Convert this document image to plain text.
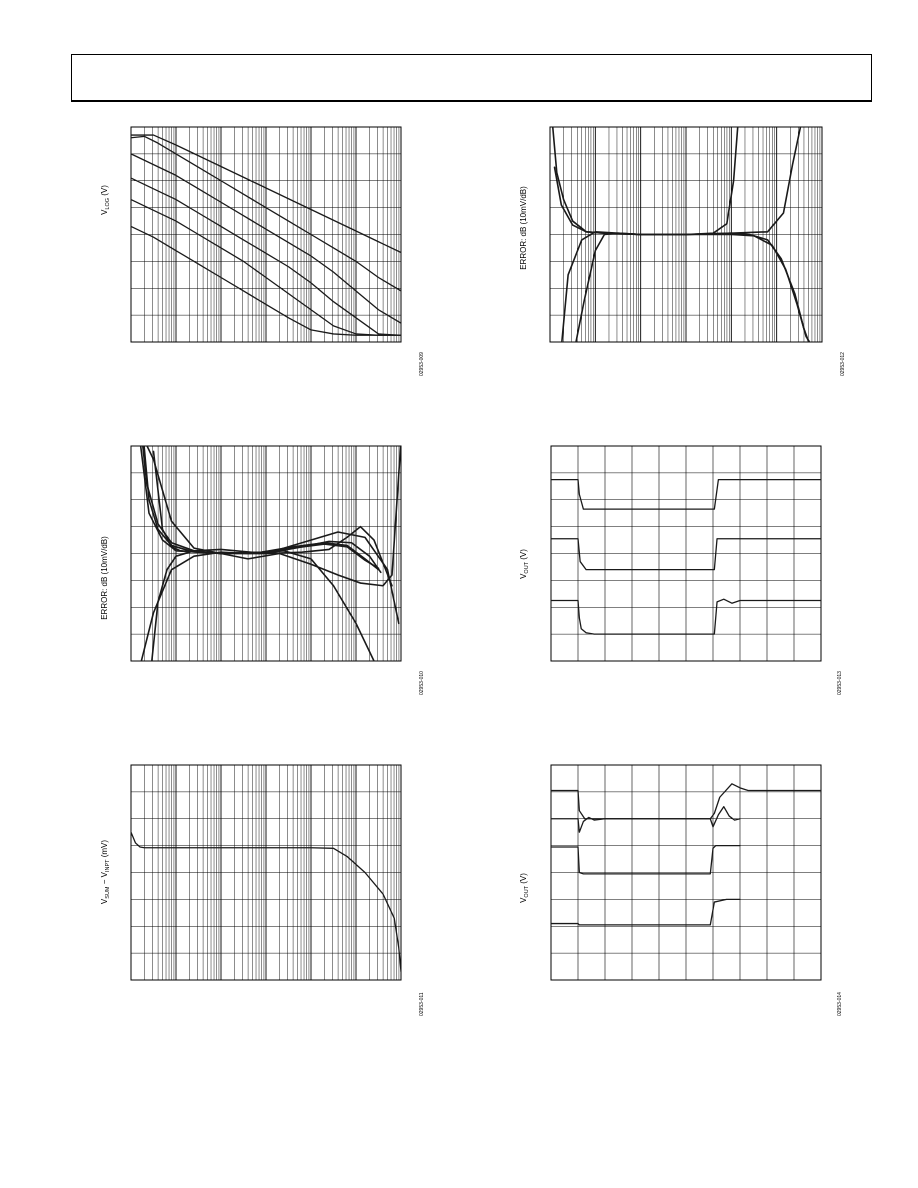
$V_{LOG}$ (V)
02953-009
ERROR: dB (10mV/dB)
02953-012
ERROR: dB (10mV/dB)
02953-010
$V_{OUT}$ (V)
02953-013
$V_{SUM} - V_{INPT}$ (mV)
02953-011
$V_{OUT}$ (V)
02953-014
